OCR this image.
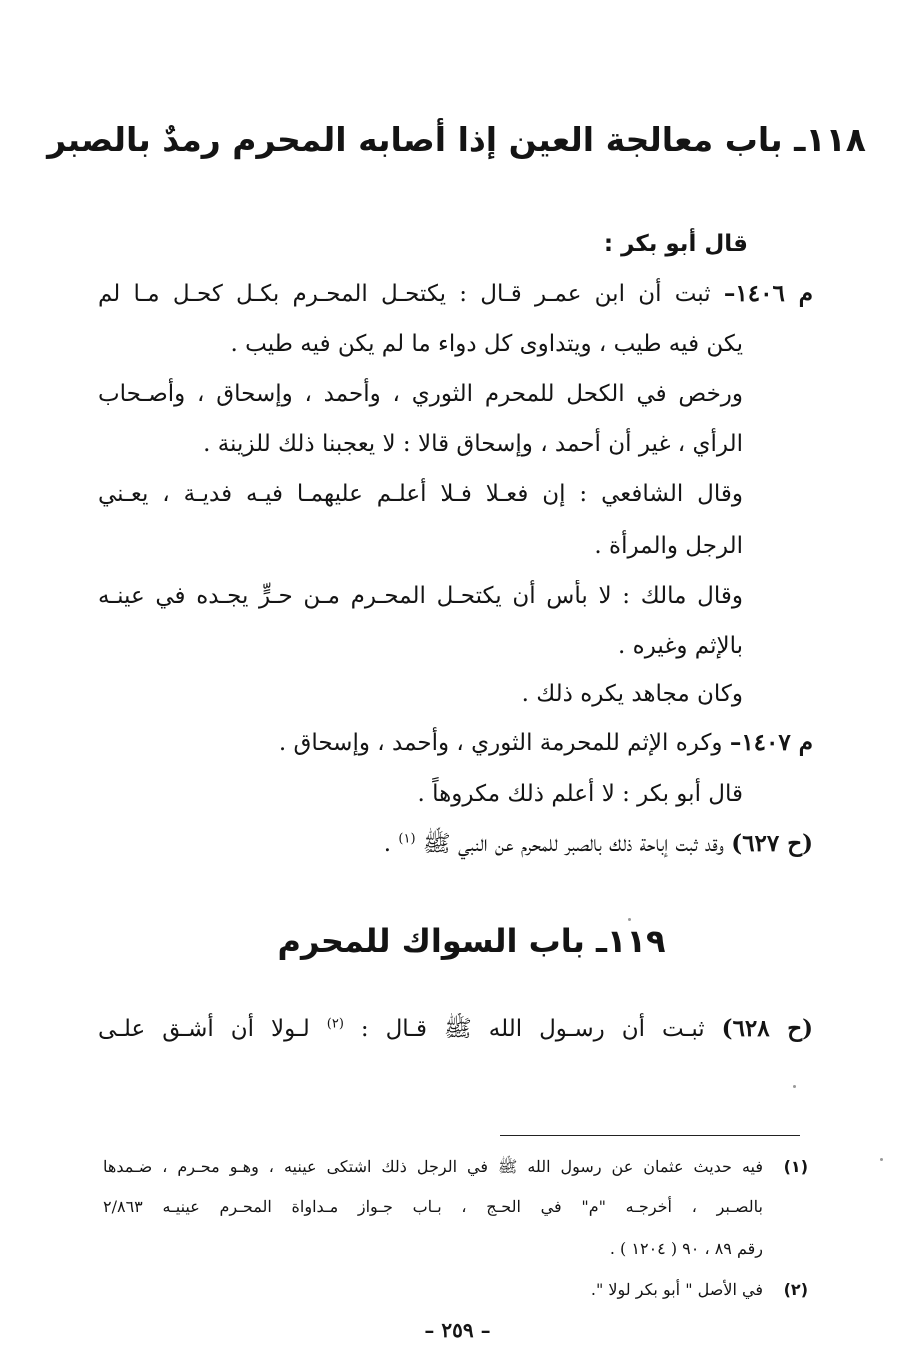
١١٨ـ باب معالجة العين إذا أصابه المحرم رمدٌ بالصبر
قال أبو بكر :
م ١٤٠٦– ثبت أن ابن عمـر قـال : يكتحـل المحـرم بكـل كحـل مـا لم
يكن فيه طيب ، ويتداوى كل دواء ما لم يكن فيه طيب .
ورخص في الكحل للمحرم الثوري ، وأحمد ، وإسحاق ، وأصـحاب
الرأي ، غير أن أحمد ، وإسحاق قالا : لا يعجبنا ذلك للزينة .
وقال الشافعي : إن فعـلا فـلا أعلـم عليهمـا فيـه فديـة ، يعـني
الرجل والمرأة .
وقال مالك : لا بأس أن يكتحـل المحـرم مـن حـرٍّ يجـده في عينـه
بالإثم وغيره .
وكان مجاهد يكره ذلك .
م ١٤٠٧– وكره الإثم للمحرمة الثوري ، وأحمد ، وإسحاق .
قال أبو بكر : لا أعلم ذلك مكروهاً .
(ح ٦٢٧) وقد ثبت إباحة ذلك بالصبر للمحرم عن النبي ﷺ $^{(١)}$ .
١١٩ـ باب السواك للمحرم
(ح ٦٢٨) ثبـت أن رسـول الله ﷺ قـال : $^{(٢)}$ لـولا أن أشـق علـى
(١)
فيه حديث عثمان عن رسول الله ﷺ في الرجل ذلك اشتكى عينيه ، وهـو محـرم ، ضـمدها
بالصـبر ، أخرجـه "م" في الحـج ، بـاب جـواز مـداواة المحـرم عينيـه ٢/٨٦٣
رقم ٨٩ ، ٩٠ ( ١٢٠٤ ) .
(٢)
في الأصل " أبو بكر لولا ".
– ٢٥٩ –
